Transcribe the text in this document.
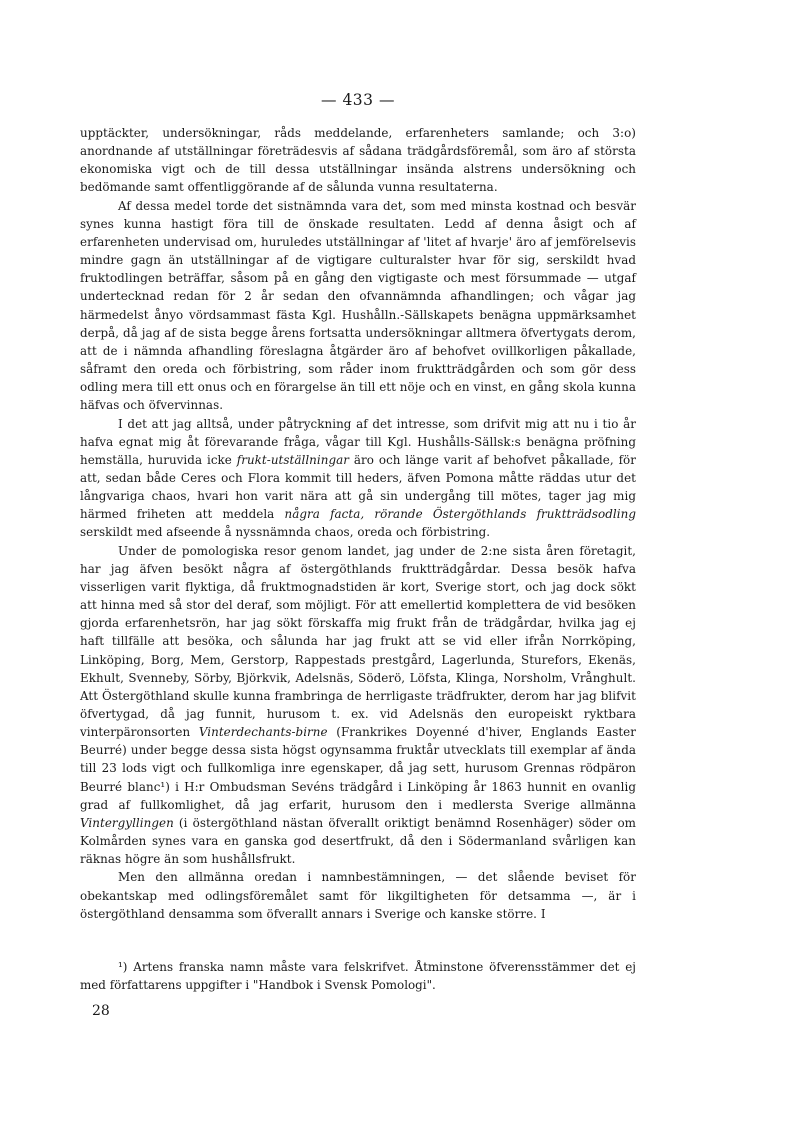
— 433 —

upptäckter, undersökningar, råds meddelande, erfarenheters samlande; och 3:o) anordnande af utställningar företrädesvis af sådana trädgårdsföremål, som äro af största ekonomiska vigt och de till dessa utställningar insända alstrens undersökning och bedömande samt offentliggörande af de sålunda vunna resultaterna.

Af dessa medel torde det sistnämnda vara det, som med minsta kostnad och besvär synes kunna hastigt föra till de önskade resultaten. Ledd af denna åsigt och af erfarenheten undervisad om, huruledes utställningar af 'litet af hvarje' äro af jemförelsevis mindre gagn än utställningar af de vigtigare culturalster hvar för sig, serskildt hvad fruktodlingen beträffar, såsom på en gång den vigtigaste och mest försummade — utgaf undertecknad redan för 2 år sedan den ofvannämnda afhandlingen; och vågar jag härmedelst ånyo vördsammast fästa Kgl. Hushålln.-Sällskapets benägna uppmärksamhet derpå, då jag af de sista begge årens fortsatta undersökningar alltmera öfvertygats derom, att de i nämnda afhandling föreslagna åtgärder äro af behofvet ovillkorligen påkallade, såframt den oreda och förbistring, som råder inom fruktträdgården och som gör dess odling mera till ett onus och en förargelse än till ett nöje och en vinst, en gång skola kunna häfvas och öfvervinnas.

I det att jag alltså, under påtryckning af det intresse, som drifvit mig att nu i tio år hafva egnat mig åt förevarande fråga, vågar till Kgl. Hushålls-Sällsk:s benägna pröfning hemställa, huruvida icke frukt-utställningar äro och länge varit af behofvet påkallade, för att, sedan både Ceres och Flora kommit till heders, äfven Pomona måtte räddas utur det långvariga chaos, hvari hon varit nära att gå sin undergång till mötes, tager jag mig härmed friheten att meddela några facta, rörande Östergöthlands fruktträdsodling serskildt med afseende å nyssnämnda chaos, oreda och förbistring.

Under de pomologiska resor genom landet, jag under de 2:ne sista åren företagit, har jag äfven besökt några af östergöthlands fruktträdgårdar. Dessa besök hafva visserligen varit flyktiga, då fruktmognadstiden är kort, Sverige stort, och jag dock sökt att hinna med så stor del deraf, som möjligt. För att emellertid komplettera de vid besöken gjorda erfarenhetsrön, har jag sökt förskaffa mig frukt från de trädgårdar, hvilka jag ej haft tillfälle att besöka, och sålunda har jag frukt att se vid eller ifrån Norrköping, Linköping, Borg, Mem, Gerstorp, Rappestads prestgård, Lagerlunda, Sturefors, Ekenäs, Ekhult, Svenneby, Sörby, Björkvik, Adelsnäs, Söderö, Löfsta, Klinga, Norsholm, Vrånghult. Att Östergöthland skulle kunna frambringa de herrligaste trädfrukter, derom har jag blifvit öfvertygad, då jag funnit, hurusom t. ex. vid Adelsnäs den europeiskt ryktbara vinterpäronsorten Vinterdechants-birne (Frankrikes Doyenné d'hiver, Englands Easter Beurré) under begge dessa sista högst ogynsamma fruktår utvecklats till exemplar af ända till 23 lods vigt och fullkomliga inre egenskaper, då jag sett, hurusom Grennas rödpäron Beurré blanc¹) i H:r Ombudsman Sevéns trädgård i Linköping år 1863 hunnit en ovanlig grad af fullkomlighet, då jag erfarit, hurusom den i medlersta Sverige allmänna Vintergyllingen (i östergöthland nästan öfverallt oriktigt benämnd Rosenhäger) söder om Kolmården synes vara en ganska god desertfrukt, då den i Södermanland svårligen kan räknas högre än som hushållsfrukt.

Men den allmänna oredan i namnbestämningen, — det slående beviset för obekantskap med odlingsföremålet samt för likgiltigheten för detsamma —, är i östergöthland densamma som öfverallt annars i Sverige och kanske större. I

¹) Artens franska namn måste vara felskrifvet. Åtminstone öfverensstämmer det ej med författarens uppgifter i "Handbok i Svensk Pomologi".

28
